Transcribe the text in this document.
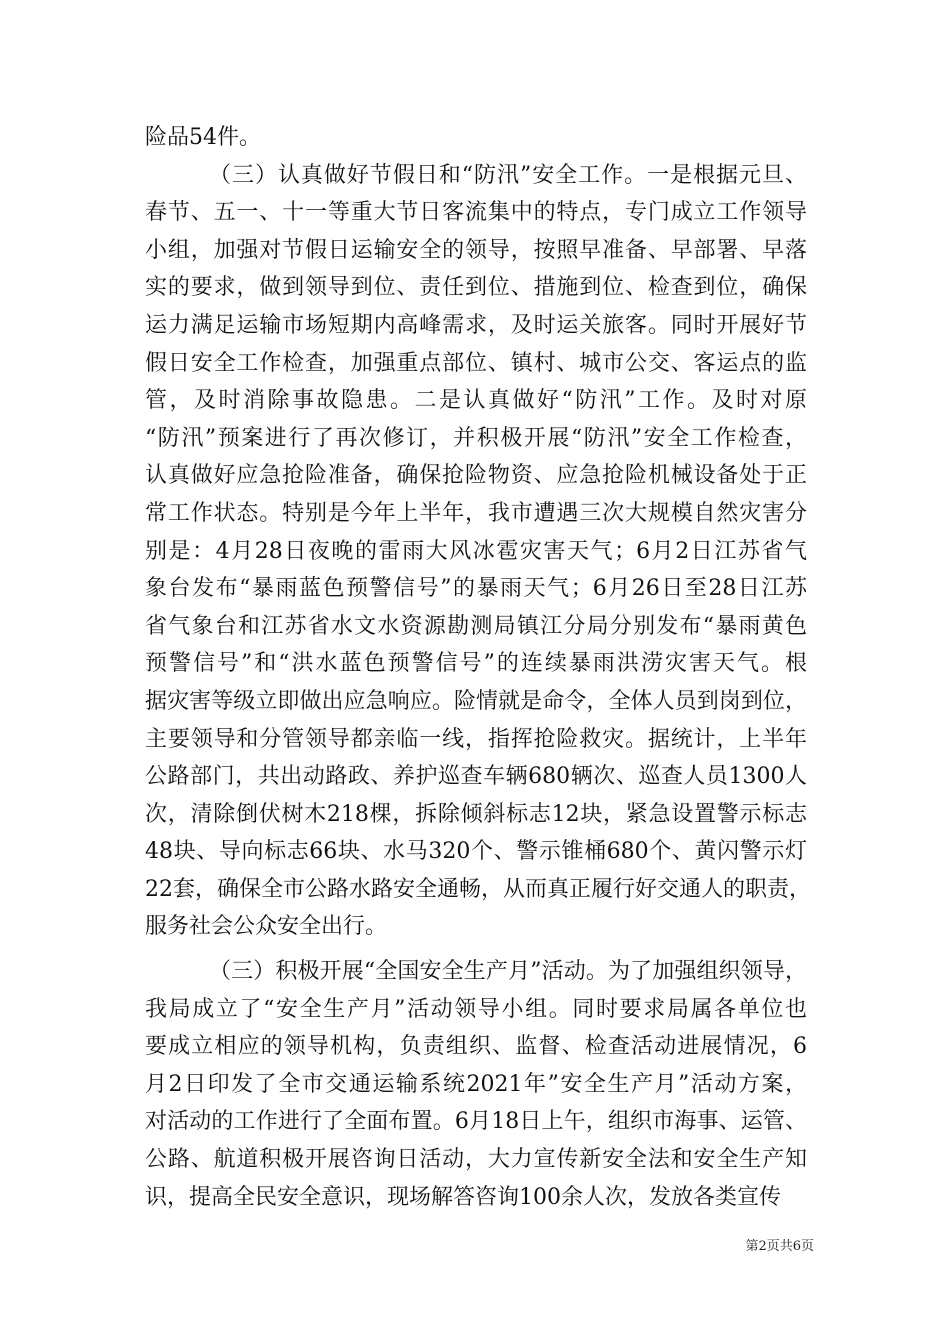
险品54件。
（三）认真做好节假日和“防汛”安全工作。一是根据元旦、
春节、五一、十一等重大节日客流集中的特点，专门成立工作领导
小组，加强对节假日运输安全的领导，按照早准备、早部署、早落
实的要求，做到领导到位、责任到位、措施到位、检查到位，确保
运力满足运输市场短期内高峰需求，及时运关旅客。同时开展好节
假日安全工作检查，加强重点部位、镇村、城市公交、客运点的监
管，及时消除事故隐患。二是认真做好“防汛”工作。及时对原
“防汛”预案进行了再次修订，并积极开展“防汛”安全工作检查，
认真做好应急抢险准备，确保抢险物资、应急抢险机械设备处于正
常工作状态。特别是今年上半年，我市遭遇三次大规模自然灾害分
别是：4月28日夜晚的雷雨大风冰雹灾害天气；6月2日江苏省气
象台发布“暴雨蓝色预警信号”的暴雨天气；6月26日至28日江苏
省气象台和江苏省水文水资源勘测局镇江分局分别发布“暴雨黄色
预警信号”和“洪水蓝色预警信号”的连续暴雨洪涝灾害天气。根
据灾害等级立即做出应急响应。险情就是命令，全体人员到岗到位，
主要领导和分管领导都亲临一线，指挥抢险救灾。据统计，上半年
公路部门，共出动路政、养护巡查车辆680辆次、巡查人员1300人
次，清除倒伏树木218棵，拆除倾斜标志12块，紧急设置警示标志
48块、导向标志66块、水马320个、警示锥桶680个、黄闪警示灯
22套，确保全市公路水路安全通畅，从而真正履行好交通人的职责，
服务社会公众安全出行。
（三）积极开展“全国安全生产月”活动。为了加强组织领导，
我局成立了“安全生产月”活动领导小组。同时要求局属各单位也
要成立相应的领导机构，负责组织、监督、检查活动进展情况，6
月2日印发了全市交通运输系统2021年”安全生产月”活动方案，
对活动的工作进行了全面布置。6月18日上午，组织市海事、运管、
公路、航道积极开展咨询日活动，大力宣传新安全法和安全生产知
识，提高全民安全意识，现场解答咨询100余人次，发放各类宣传
第2页共6页
